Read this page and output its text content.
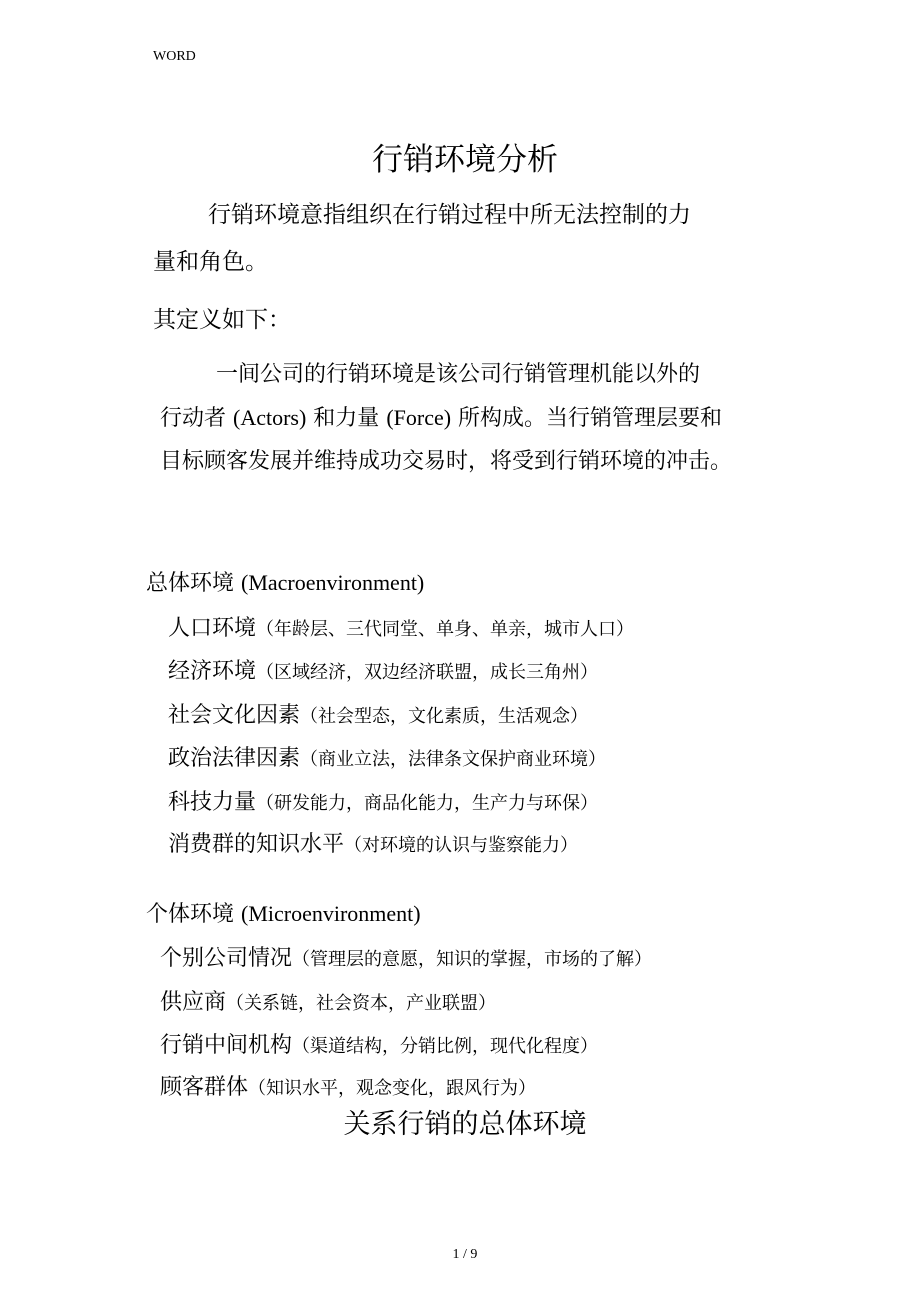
WORD
行销环境分析
行销环境意指组织在行销过程中所无法控制的力
量和角色。
其定义如下：
一间公司的行销环境是该公司行销管理机能以外的
行动者 (Actors) 和力量 (Force) 所构成。当行销管理层要和
目标顾客发展并维持成功交易时，将受到行销环境的冲击。
总体环境 (Macroenvironment)
人口环境（年龄层、三代同堂、单身、单亲，城市人口）
经济环境（区域经济，双边经济联盟，成长三角州）
社会文化因素（社会型态，文化素质，生活观念）
政治法律因素（商业立法，法律条文保护商业环境）
科技力量（研发能力，商品化能力，生产力与环保）
消费群的知识水平（对环境的认识与鉴察能力）
个体环境 (Microenvironment)
个别公司情况（管理层的意愿，知识的掌握，市场的了解）
供应商（关系链，社会资本，产业联盟）
行销中间机构（渠道结构，分销比例，现代化程度）
顾客群体（知识水平，观念变化，跟风行为）
关系行销的总体环境
1 / 9
